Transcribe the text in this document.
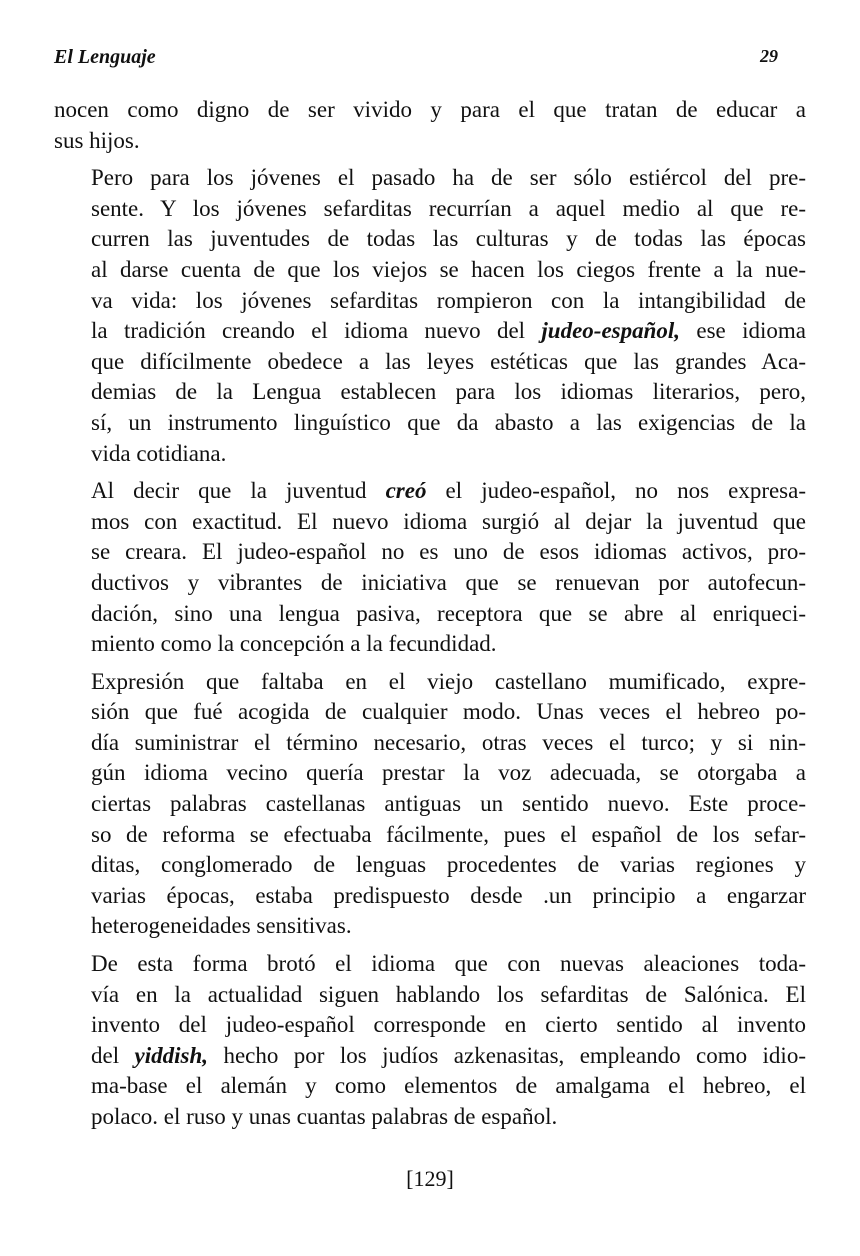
El Lenguaje	29
nocen como digno de ser vivido y para el que tratan de educar a
sus hijos.
Pero para los jóvenes el pasado ha de ser sólo estiércol del pre-
sente. Y los jóvenes sefarditas recurrían a aquel medio al que re-
curren las juventudes de todas las culturas y de todas las épocas
al darse cuenta de que los viejos se hacen los ciegos frente a la nue-
va vida: los jóvenes sefarditas rompieron con la intangibilidad de
la tradición creando el idioma nuevo del judeo-español, ese idioma
que difícilmente obedece a las leyes estéticas que las grandes Aca-
demias de la Lengua establecen para los idiomas literarios, pero,
sí, un instrumento linguístico que da abasto a las exigencias de la
vida cotidiana.
Al decir que la juventud creó el judeo-español, no nos expresa-
mos con exactitud. El nuevo idioma surgió al dejar la juventud que
se creara. El judeo-español no es uno de esos idiomas activos, pro-
ductivos y vibrantes de iniciativa que se renuevan por autofecun-
dación, sino una lengua pasiva, receptora que se abre al enriqueci-
miento como la concepción a la fecundidad.
Expresión que faltaba en el viejo castellano mumificado, expre-
sión que fué acogida de cualquier modo. Unas veces el hebreo po-
día suministrar el término necesario, otras veces el turco; y si nin-
gún idioma vecino quería prestar la voz adecuada, se otorgaba a
ciertas palabras castellanas antiguas un sentido nuevo. Este proce-
so de reforma se efectuaba fácilmente, pues el español de los sefar-
ditas, conglomerado de lenguas procedentes de varias regiones y
varias épocas, estaba predispuesto desde .un principio a engarzar
heterogeneidades sensitivas.
De esta forma brotó el idioma que con nuevas aleaciones toda-
vía en la actualidad siguen hablando los sefarditas de Salónica. El
invento del judeo-español corresponde en cierto sentido al invento
del yiddish, hecho por los judíos azkenasitas, empleando como idio-
ma-base el alemán y como elementos de amalgama el hebreo, el
polaco. el ruso y unas cuantas palabras de español.
[129]
